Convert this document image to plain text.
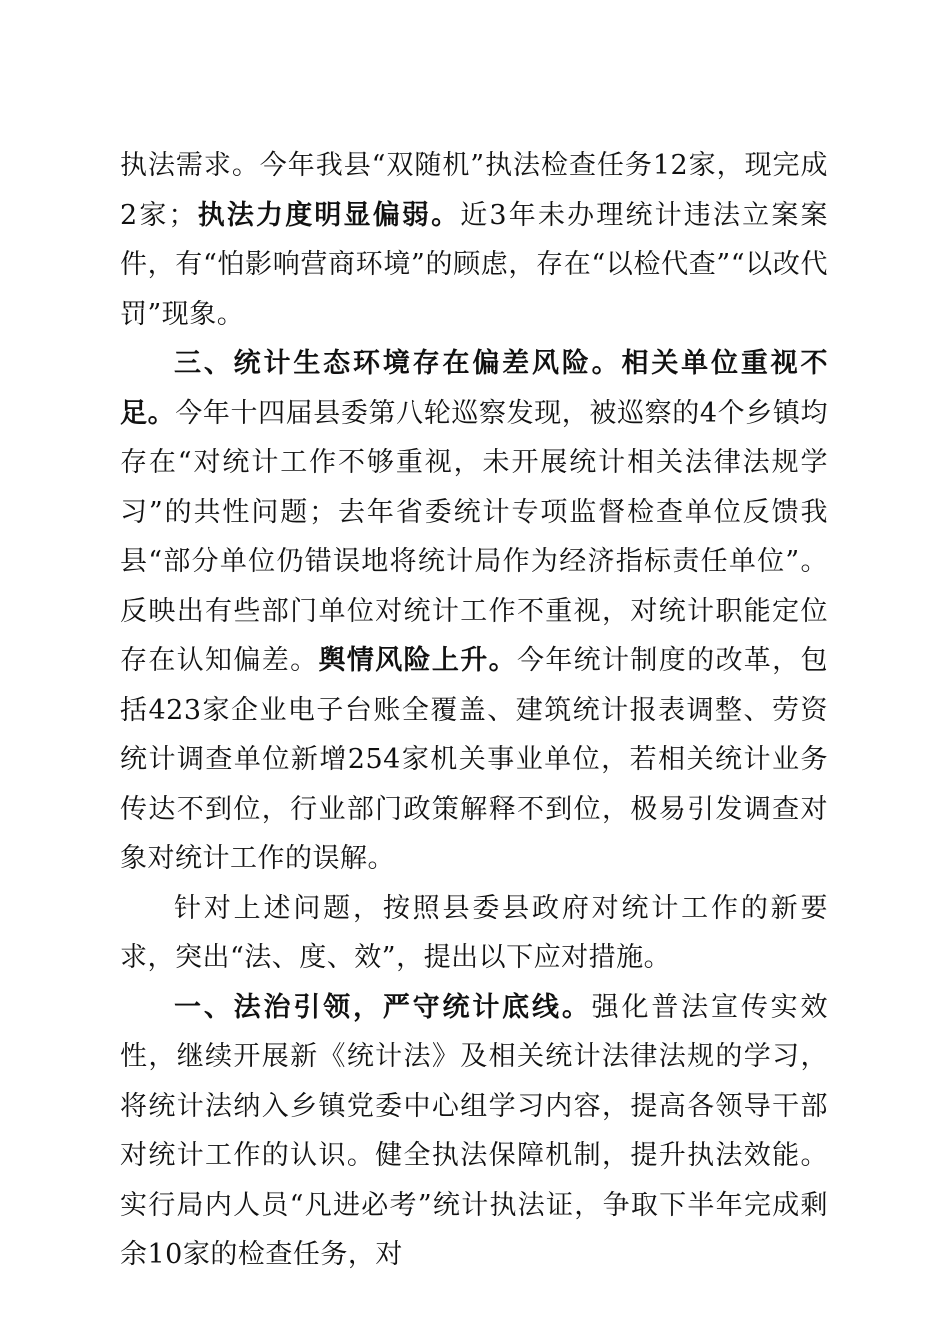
执法需求。今年我县“双随机”执法检查任务12家，现完成2家；执法力度明显偏弱。近3年未办理统计违法立案案件，有“怕影响营商环境”的顾虑，存在“以检代查”“以改代罚”现象。

三、统计生态环境存在偏差风险。相关单位重视不足。今年十四届县委第八轮巡察发现，被巡察的4个乡镇均存在“对统计工作不够重视，未开展统计相关法律法规学习”的共性问题；去年省委统计专项监督检查单位反馈我县“部分单位仍错误地将统计局作为经济指标责任单位”。反映出有些部门单位对统计工作不重视，对统计职能定位存在认知偏差。舆情风险上升。今年统计制度的改革，包括423家企业电子台账全覆盖、建筑统计报表调整、劳资统计调查单位新增254家机关事业单位，若相关统计业务传达不到位，行业部门政策解释不到位，极易引发调查对象对统计工作的误解。

针对上述问题，按照县委县政府对统计工作的新要求，突出“法、度、效”，提出以下应对措施。

一、法治引领，严守统计底线。强化普法宣传实效性，继续开展新《统计法》及相关统计法律法规的学习，将统计法纳入乡镇党委中心组学习内容，提高各领导干部对统计工作的认识。健全执法保障机制，提升执法效能。实行局内人员“凡进必考”统计执法证，争取下半年完成剩余10家的检查任务，对
